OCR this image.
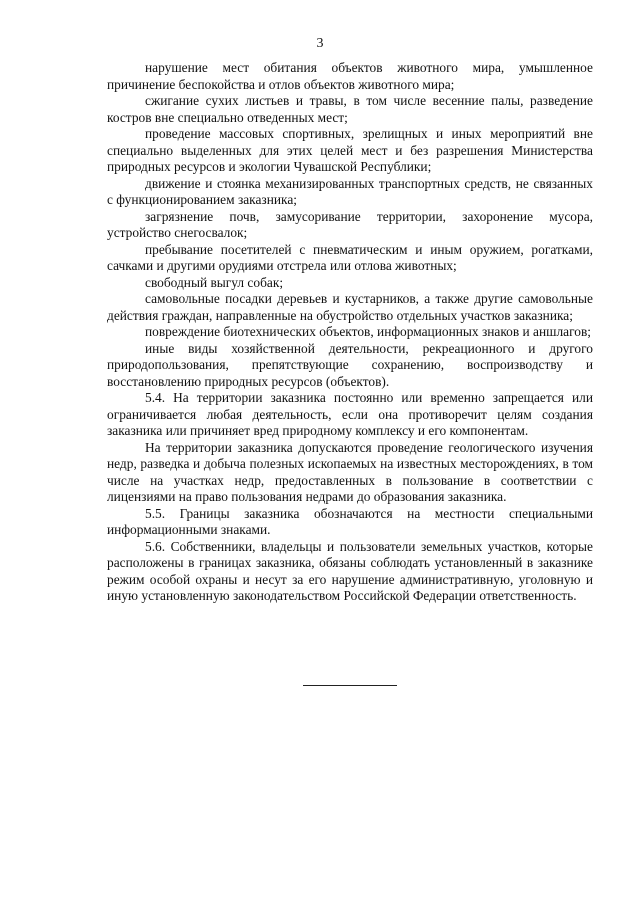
3

нарушение мест обитания объектов животного мира, умышленное причинение беспокойства и отлов объектов животного мира;

сжигание сухих листьев и травы, в том числе весенние палы, разведение костров вне специально отведенных мест;

проведение массовых спортивных, зрелищных и иных мероприятий вне специально выделенных для этих целей мест и без разрешения Министерства природных ресурсов и экологии Чувашской Республики;

движение и стоянка механизированных транспортных средств, не связанных с функционированием заказника;

загрязнение почв, замусоривание территории, захоронение мусора, устройство снегосвалок;

пребывание посетителей с пневматическим и иным оружием, рогатками, сачками и другими орудиями отстрела или отлова животных;

свободный выгул собак;

самовольные посадки деревьев и кустарников, а также другие самовольные действия граждан, направленные на обустройство отдельных участков заказника;

повреждение биотехнических объектов, информационных знаков и аншлагов;

иные виды хозяйственной деятельности, рекреационного и другого природопользования, препятствующие сохранению, воспроизводству и восстановлению природных ресурсов (объектов).

5.4. На территории заказника постоянно или временно запрещается или ограничивается любая деятельность, если она противоречит целям создания заказника или причиняет вред природному комплексу и его компонентам.

На территории заказника допускаются проведение геологического изучения недр, разведка и добыча полезных ископаемых на известных месторождениях, в том числе на участках недр, предоставленных в пользование в соответствии с лицензиями на право пользования недрами до образования заказника.

5.5. Границы заказника обозначаются на местности специальными информационными знаками.

5.6. Собственники, владельцы и пользователи земельных участков, которые расположены в границах заказника, обязаны соблюдать установленный в заказнике режим особой охраны и несут за его нарушение административную, уголовную и иную установленную законодательством Российской Федерации ответственность.
